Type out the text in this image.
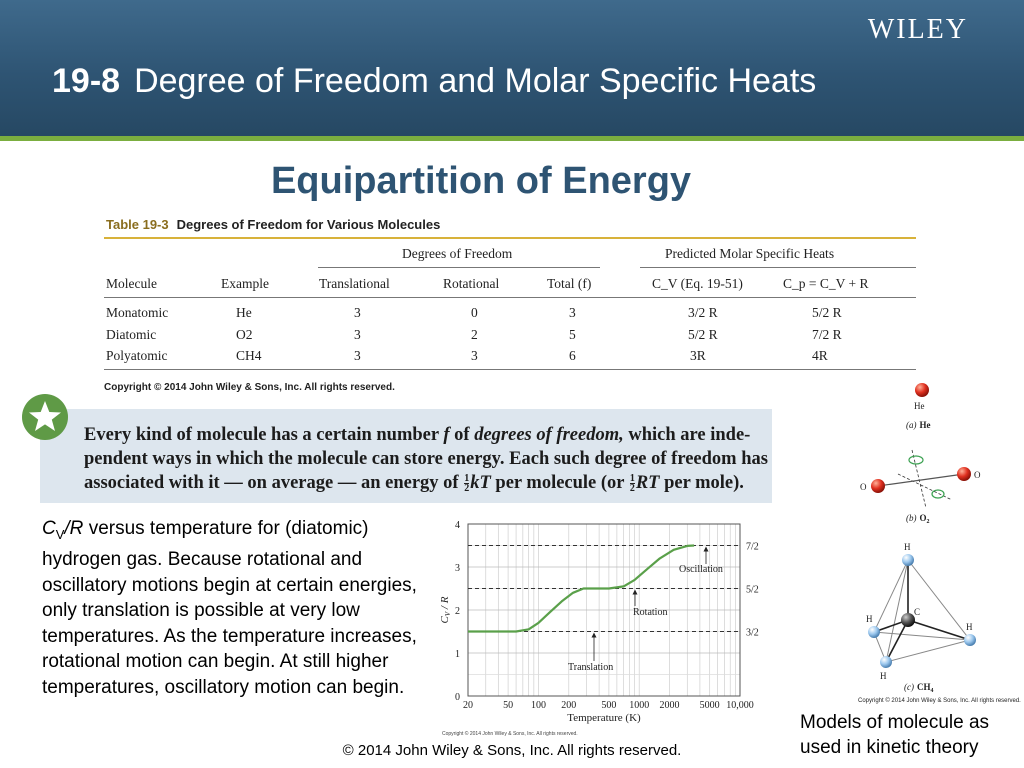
WILEY
19-8 Degree of Freedom and Molar Specific Heats
Equipartition of Energy
Table 19-3 Degrees of Freedom for Various Molecules
Degrees of Freedom	Predicted Molar Specific Heats
Molecule	Example	Translational	Rotational	Total (f)	C_V (Eq. 19-51)	C_p = C_V + R
Monatomic	He	3	0	3	3/2 R	5/2 R
Diatomic	O2	3	2	5	5/2 R	7/2 R
Polyatomic	CH4	3	3	6	3R	4R
Copyright © 2014 John Wiley & Sons, Inc. All rights reserved.
Every kind of molecule has a certain number f of degrees of freedom, which are inde-pendent ways in which the molecule can store energy. Each such degree of freedom has associated with it — on average — an energy of $\frac{1}{2}$ kT per molecule ($or \frac{1}{2}$ RT per mole).
$C_V/R$ versus temperature for (diatomic) hydrogen gas. Because rotational and oscillatory motions begin at certain energies, only translation is possible at very low temperatures. As the temperature increases, rotational motion can begin. At still higher temperatures, oscillatory motion can begin.
3/2
5/2
7/2
0
1
2
3
4
20	50 100 200	500 1000 2000 5000 10,000
Temperature (K)
CV / R
Translation
Rotation
Oscillation
Copyright © 2014 John Wiley & Sons, Inc. All rights reserved.
He
(a) He
O
O
(b) $O_2$
H
H
H
H
C
(c) $CH_4$
Copyright © 2014 John Wiley & Sons, Inc. All rights reserved.
Models of molecule as used in kinetic theory
© 2014 John Wiley & Sons, Inc. All rights reserved.
